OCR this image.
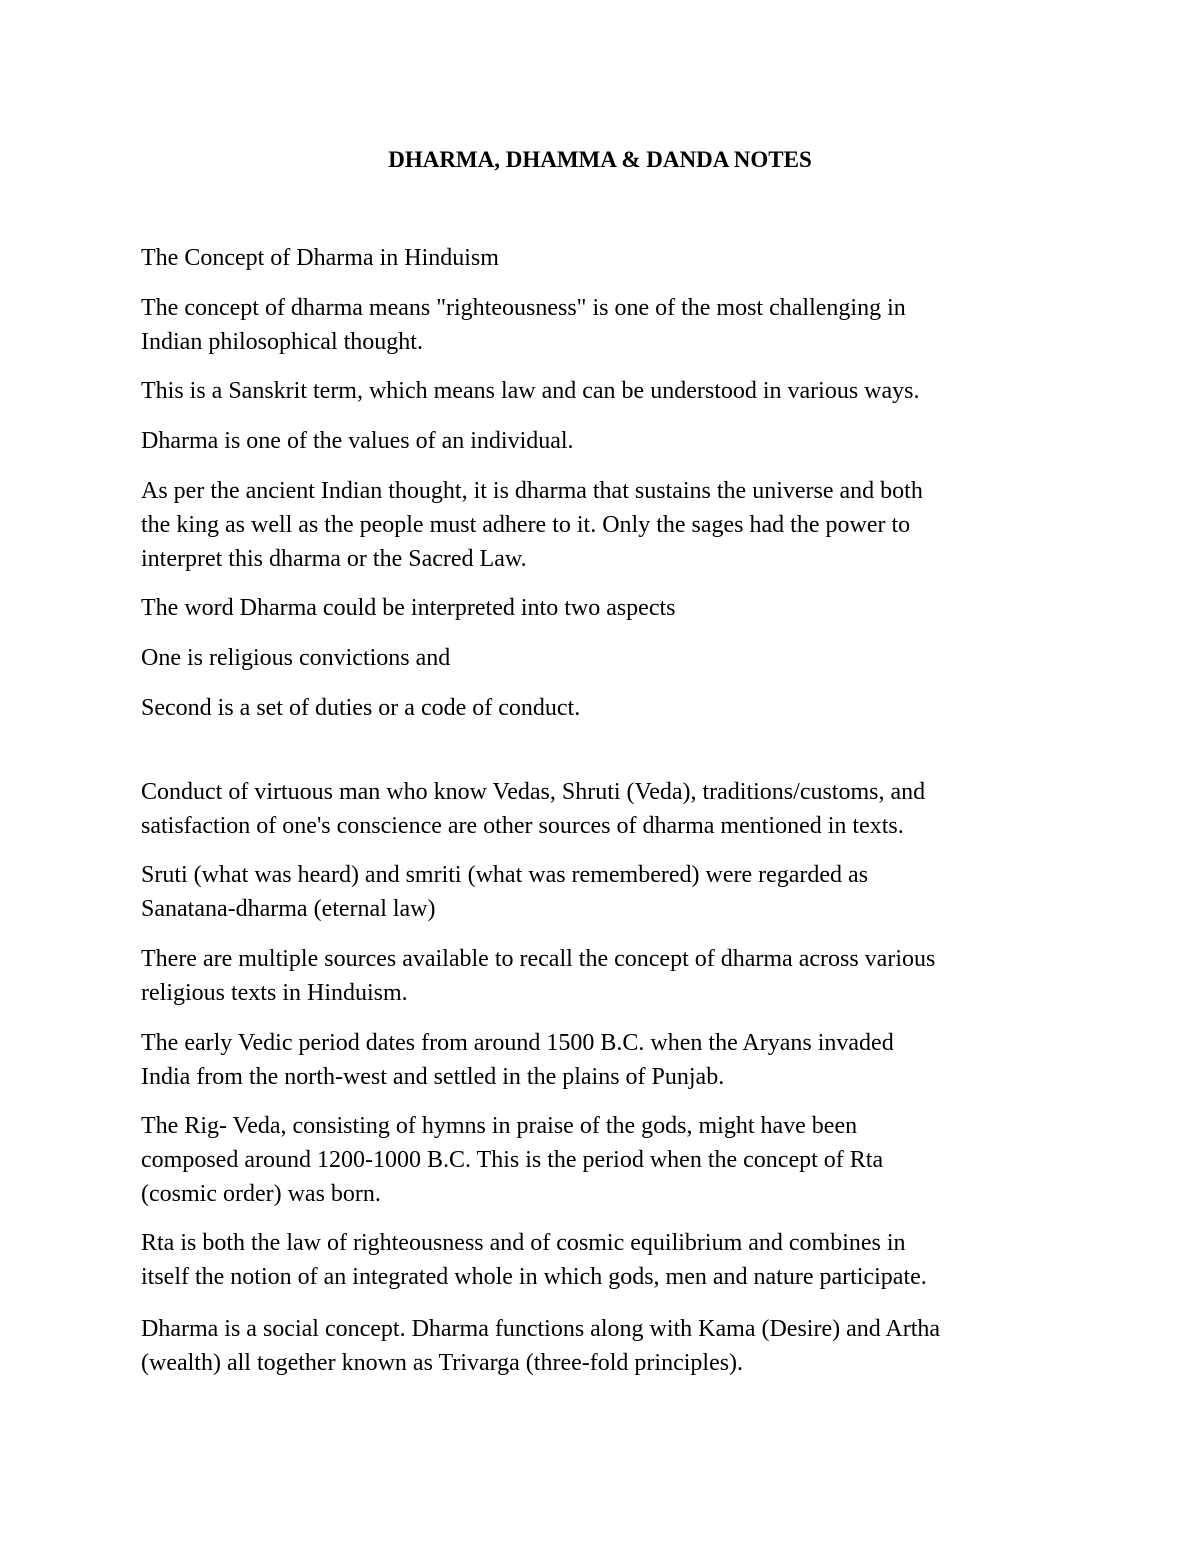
DHARMA, DHAMMA & DANDA NOTES

The Concept of Dharma in Hinduism

The concept of dharma means "righteousness" is one of the most challenging in
Indian philosophical thought.

This is a Sanskrit term, which means law and can be understood in various ways.

Dharma is one of the values of an individual.

As per the ancient Indian thought, it is dharma that sustains the universe and both
the king as well as the people must adhere to it. Only the sages had the power to
interpret this dharma or the Sacred Law.

The word Dharma could be interpreted into two aspects

One is religious convictions and

Second is a set of duties or a code of conduct.

Conduct of virtuous man who know Vedas, Shruti (Veda), traditions/customs, and
satisfaction of one's conscience are other sources of dharma mentioned in texts.

Sruti (what was heard) and smriti (what was remembered) were regarded as
Sanatana-dharma (eternal law)

There are multiple sources available to recall the concept of dharma across various
religious texts in Hinduism.

The early Vedic period dates from around 1500 B.C. when the Aryans invaded
India from the north-west and settled in the plains of Punjab.

The Rig- Veda, consisting of hymns in praise of the gods, might have been
composed around 1200-1000 B.C. This is the period when the concept of Rta
(cosmic order) was born.

Rta is both the law of righteousness and of cosmic equilibrium and combines in
itself the notion of an integrated whole in which gods, men and nature participate.

Dharma is a social concept. Dharma functions along with Kama (Desire) and Artha
(wealth) all together known as Trivarga (three-fold principles).
